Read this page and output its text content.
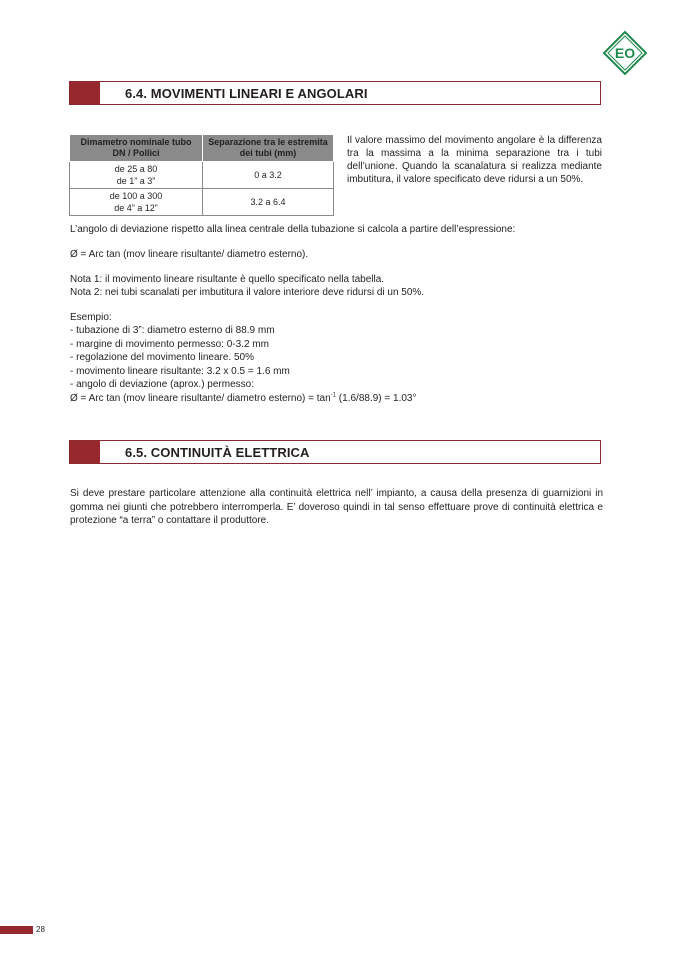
EO
6.4. MOVIMENTI LINEARI E ANGOLARI
Dimametro nominale tubo DN / Pollici	Separazione tra le estremita dei tubi (mm)

de 25 a 80
de 1” a 3”	0 a 3.2

de 100 a 300
de 4” a 12”	3.2 a 6.4

Il valore massimo del movimento angolare è la differenza tra la massima a la minima separazione tra i tubi dell’unione. Quando la scanalatura si realizza mediante imbutitura, il valore specificato deve ridursi a un 50%.

L’angolo di deviazione rispetto alla linea centrale della tubazione si calcola a partire dell’espressione:

Ø = Arc tan (mov lineare risultante/ diametro esterno).

Nota 1: il movimento lineare risultante è quello specificato nella tabella.

Nota 2: nei tubi scanalati per imbutitura il valore interiore deve ridursi di un 50%.

Esempio:

- tubazione di 3”: diametro esterno di 88.9 mm

- margine di movimento permesso: 0-3.2 mm

- regolazione del movimento lineare. 50%

- movimento lineare risultante: 3.2 x 0.5 = 1.6 mm

- angolo di deviazione (aprox.) permesso:

Ø = Arc tan (mov lineare risultante/ diametro esterno) = $\tan^{-1} (1.6/88.9) = 1.03^\circ$

6.5. CONTINUITÀ ELETTRICA

Si deve prestare particolare attenzione alla continuità elettrica nell’ impianto, a causa della presenza di guarnizioni in gomma nei giunti che potrebbero interromperla. E’ doveroso quindi in tal senso effettuare prove di continuità elettrica e protezione “a terra” o contattare il produttore.

28
